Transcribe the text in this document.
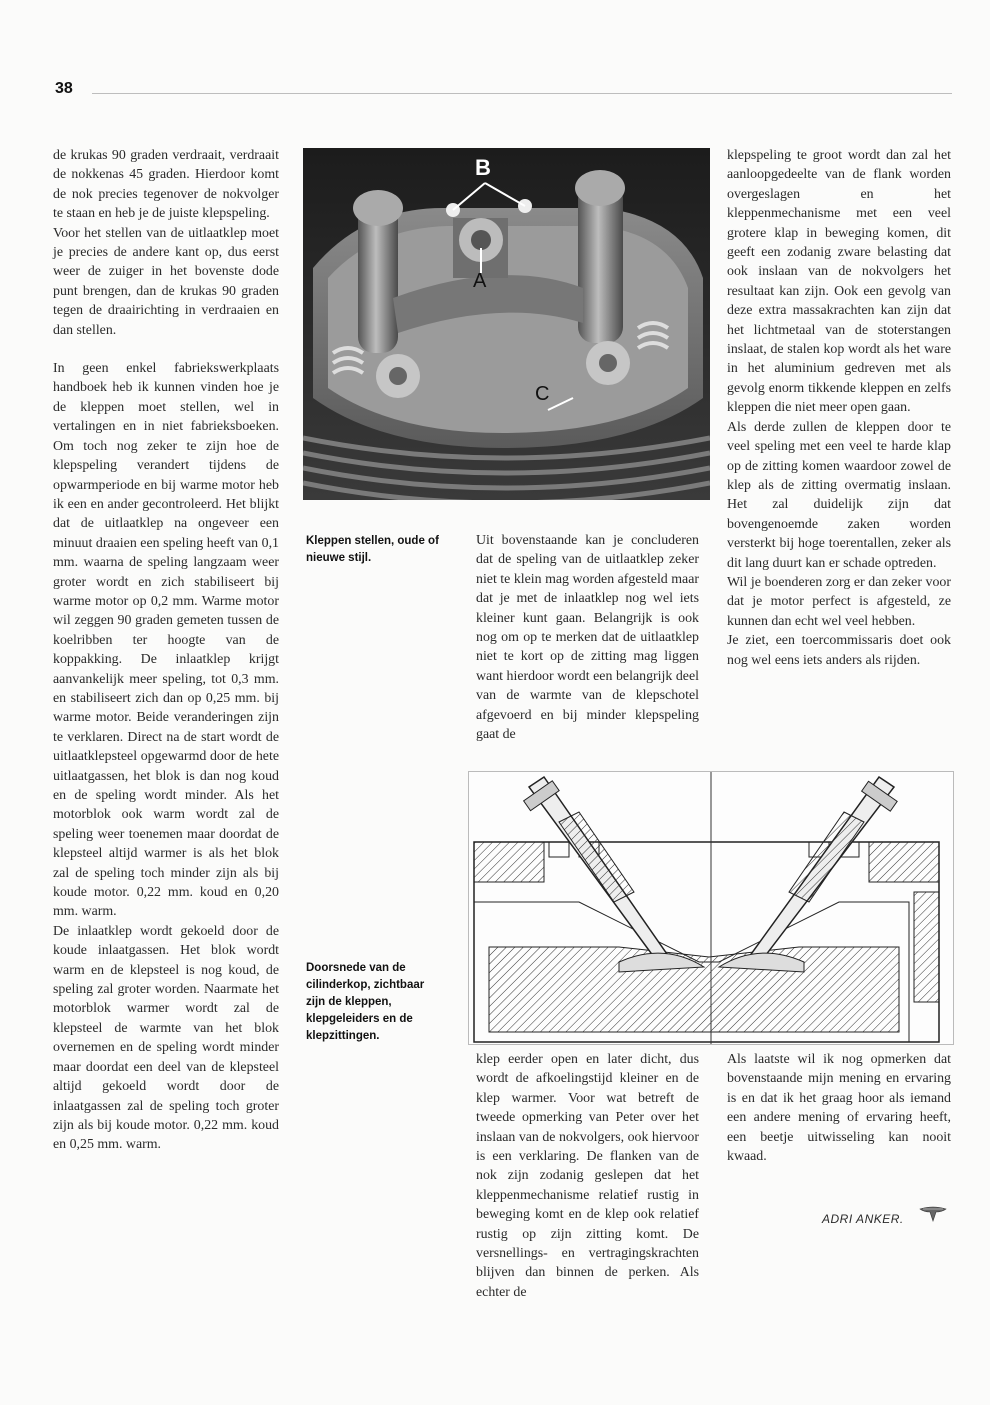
38

de krukas 90 graden verdraait, verdraait de nokkenas 45 graden. Hierdoor komt de nok precies tegenover de nokvolger te staan en heb je de juiste klepspeling.

Voor het stellen van de uitlaatklep moet je precies de andere kant op, dus eerst weer de zuiger in het bovenste dode punt brengen, dan de krukas 90 graden tegen de draairichting in verdraaien en dan stellen.

In geen enkel fabriekswerkplaats handboek heb ik kunnen vinden hoe je de kleppen moet stellen, wel in vertalingen en in niet fabrieksboeken. Om toch nog zeker te zijn hoe de klepspeling verandert tijdens de opwarmperiode en bij warme motor heb ik een en ander gecontroleerd. Het blijkt dat de uitlaatklep na ongeveer een minuut draaien een speling heeft van 0,1 mm. waarna de speling langzaam weer groter wordt en zich stabiliseert bij warme motor op 0,2 mm. Warme motor wil zeggen 90 graden gemeten tussen de koelribben ter hoogte van de koppakking. De inlaatklep krijgt aanvankelijk meer speling, tot 0,3 mm. en stabiliseert zich dan op 0,25 mm. bij warme motor. Beide veranderingen zijn te verklaren. Direct na de start wordt de uitlaatklepsteel opgewarmd door de hete uitlaatgassen, het blok is dan nog koud en de speling wordt minder. Als het motorblok ook warm wordt zal de speling weer toenemen maar doordat de klepsteel altijd warmer is als het blok zal de speling toch minder zijn als bij koude motor. 0,22 mm. koud en 0,20 mm. warm.

De inlaatklep wordt gekoeld door de koude inlaatgassen. Het blok wordt warm en de klepsteel is nog koud, de speling zal groter worden. Naarmate het motorblok warmer wordt zal de klepsteel de warmte van het blok overnemen en de speling wordt minder maar doordat een deel van de klepsteel altijd gekoeld wordt door de inlaatgassen zal de speling toch groter zijn als bij koude motor. 0,22 mm. koud en 0,25 mm. warm.

B
A
C
Kleppen stellen, oude of nieuwe stijl.

Uit bovenstaande kan je concluderen dat de speling van de uitlaatklep zeker niet te klein mag worden afgesteld maar dat je met de inlaatklep nog wel iets kleiner kunt gaan. Belangrijk is ook nog om op te merken dat de uitlaatklep niet te kort op de zitting mag liggen want hierdoor wordt een belangrijk deel van de warmte van de klepschotel afgevoerd en bij minder klepspeling gaat de

klepspeling te groot wordt dan zal het aanloopgedeelte van de flank worden overgeslagen en het kleppenmechanisme met een veel grotere klap in beweging komen, dit geeft een zodanig zware belasting dat ook inslaan van de nokvolgers het resultaat kan zijn. Ook een gevolg van deze extra massakrachten kan zijn dat het lichtmetaal van de stoterstangen inslaat, de stalen kop wordt als het ware in het aluminium gedreven met als gevolg enorm tikkende kleppen en zelfs kleppen die niet meer open gaan.

Als derde zullen de kleppen door te veel speling met een veel te harde klap op de zitting komen waardoor zowel de klep als de zitting overmatig inslaan. Het zal duidelijk zijn dat bovengenoemde zaken worden versterkt bij hoge toerentallen, zeker als dit lang duurt kan er schade optreden.

Wil je boenderen zorg er dan zeker voor dat je motor perfect is afgesteld, ze kunnen dan echt wel veel hebben.

Je ziet, een toercommissaris doet ook nog wel eens iets anders als rijden.

Doorsnede van de cilinderkop, zichtbaar zijn de kleppen, klepgeleiders en de klepzittingen.

klep eerder open en later dicht, dus wordt de afkoelingstijd kleiner en de klep warmer. Voor wat betreft de tweede opmerking van Peter over het inslaan van de nokvolgers, ook hiervoor is een verklaring. De flanken van de nok zijn zodanig geslepen dat het kleppenmechanisme relatief rustig in beweging komt en de klep ook relatief rustig op zijn zitting komt. De versnellings- en vertragingskrachten blijven dan binnen de perken. Als echter de

Als laatste wil ik nog opmerken dat bovenstaande mijn mening en ervaring is en dat ik het graag hoor als iemand een andere mening of ervaring heeft, een beetje uitwisseling kan nooit kwaad.

ADRI ANKER.
